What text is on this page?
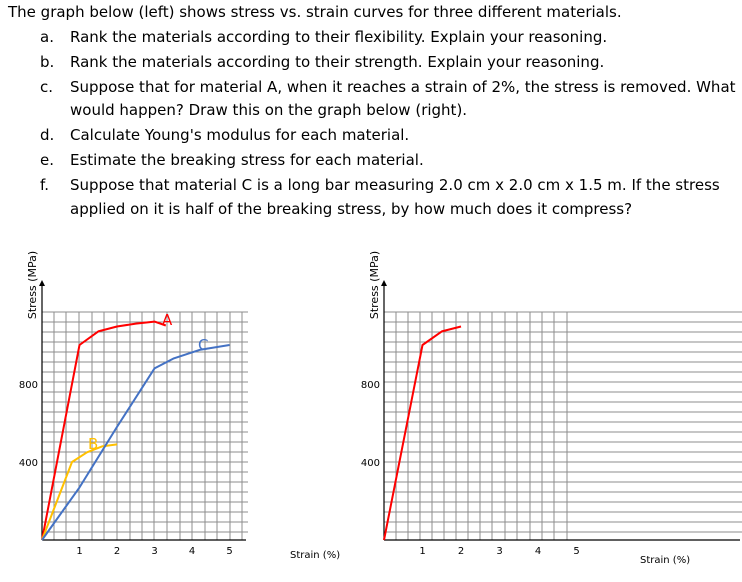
The graph below (left) shows stress vs. strain curves for three different materials.
a. Rank the materials according to their flexibility. Explain your reasoning.
b. Rank the materials according to their strength. Explain your reasoning.
c. Suppose that for material A, when it reaches a strain of 2%, the stress is removed. What
would happen? Draw this on the graph below (right).
d. Calculate Young's modulus for each material.
e. Estimate the breaking stress for each material.
f. Suppose that material C is a long bar measuring 2.0 cm x 2.0 cm x 1.5 m. If the stress
applied on it is half of the breaking stress, by how much does it compress?
Stress (MPa)
Strain (%)
1	2	3	4	5
400
800
A
B
C
Stress (MPa)
Strain (%)
1	2	3	4	5
400
800
